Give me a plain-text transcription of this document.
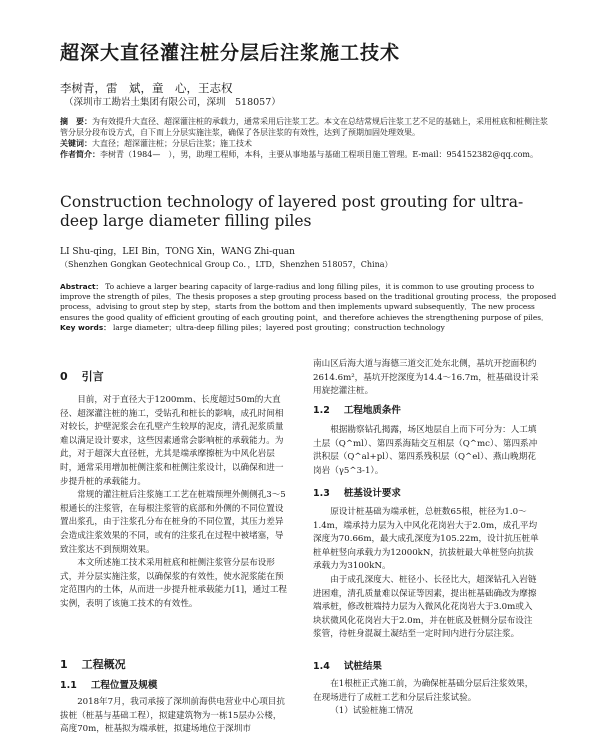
超深大直径灌注桩分层后注浆施工技术
李树青，雷　斌，童　心，王志权
（深圳市工勘岩土集团有限公司，深圳　518057）
摘　要：为有效提升大直径、超深灌注桩的承载力，通常采用后注浆工艺。本文在总结常规后注浆工艺不足的基础上，采用桩底和桩侧注浆管分层分段布设方式，自下而上分层实施注浆，确保了各层注浆的有效性，达到了预期加固处理效果。
关键词：大直径；超深灌注桩；分层后注浆；施工技术
作者简介：李树青（1984—　），男，助理工程师，本科，主要从事地基与基础工程项目施工管理。E-mail：954152382@qq.com。
Construction technology of layered post grouting for ultra-deep large diameter filling piles
LI Shu-qing，LEI Bin，TONG Xin，WANG Zhi-quan
（Shenzhen Gongkan Geotechnical Group Co．，LTD，Shenzhen 518057，China）
Abstract： To achieve a larger bearing capacity of large-radius and long filling piles，it is common to use grouting process to improve the strength of piles．The thesis proposes a step grouting process based on the traditional grouting process．the proposed process，advising to grout step by step，starts from the bottom and then implements upward subsequently．The new process ensures the good quality of efficient grouting of each grouting point，and therefore achieves the strengthening purpose of piles．
Key words： large diameter；ultra-deep filling piles；layered post grouting；construction technology
0 引言

目前，对于直径大于1200mm、长度超过50m的大直径、超深灌注桩的施工，受钻孔和桩长的影响，成孔时间相对较长，护壁泥浆会在孔壁产生较厚的泥皮，清孔泥浆质量难以满足设计要求，这些因素通常会影响桩的承载能力。为此，对于超深大直径桩，尤其是端承摩擦桩为中风化岩层时，通常采用增加桩侧注浆和桩侧注浆设计，以确保和进一步提升桩的承载能力。

常规的灌注桩后注浆施工工艺在桩端预埋外侧侧孔3～5根通长的注浆管，在每根注浆管的底部和外侧的不同位置设置出浆孔，由于注浆孔分布在桩身的不同位置，其压力差异会造成注浆效果的不同，或有的注浆孔在过程中被堵塞，导致注浆达不到预期效果。

本文所述施工技术采用桩底和桩侧注浆管分层布设形式，并分层实施注浆，以确保浆的有效性，使水泥浆能在预定范围内的土体，从而进一步提升桩承载能力[1]，通过工程实例，表明了该施工技术的有效性。

1 工程概况
1.1 工程位置及规模

2018年7月，我司承接了深圳前海供电营业中心项目抗拔桩（桩基与基础工程），拟建建筑物为一栋15层办公楼，高度70m，桩基拟为端承桩，拟建场地位于深圳市

南山区后海大道与海德三道交汇处东北侧，基坑开挖面积约2614.6m²，基坑开挖深度为14.4～16.7m，桩基础设计采用旋挖灌注桩。

1.2 工程地质条件

根据勘察钻孔揭露，场区地层自上而下可分为：人工填土层（Q^ml）、第四系海陆交互相层（Q^mc）、第四系冲洪积层（Q^al+pl）、第四系残积层（Q^el）、燕山晚期花岗岩（γ5^3-1）。

1.3 桩基设计要求

原设计桩基础为端承桩，总桩数65根，桩径为1.0～1.4m，端承持力层为入中风化花岗岩大于2.0m，成孔平均深度为70.66m，最大成孔深度为105.22m，设计抗压桩单桩单桩竖向承载力为12000kN，抗拔桩最大单桩竖向抗拔承载力为3100kN。

由于成孔深度大、桩径小、长径比大，超深钻孔入岩链进困难，清孔质量难以保证等因素，提出桩基础确改为摩擦端承桩，修改桩端持力层为入微风化花岗岩大于3.0m或入块状微风化花岗岩大于2.0m，并在桩底及桩侧分层布设注浆管，待桩身混凝土凝结至一定时间内进行分层注浆。

1.4 试桩结果

在1根桩正式施工前，为确保桩基础分层后注浆效果，在现场进行了成桩工艺和分层后注浆试验。

（1）试验桩施工情况
